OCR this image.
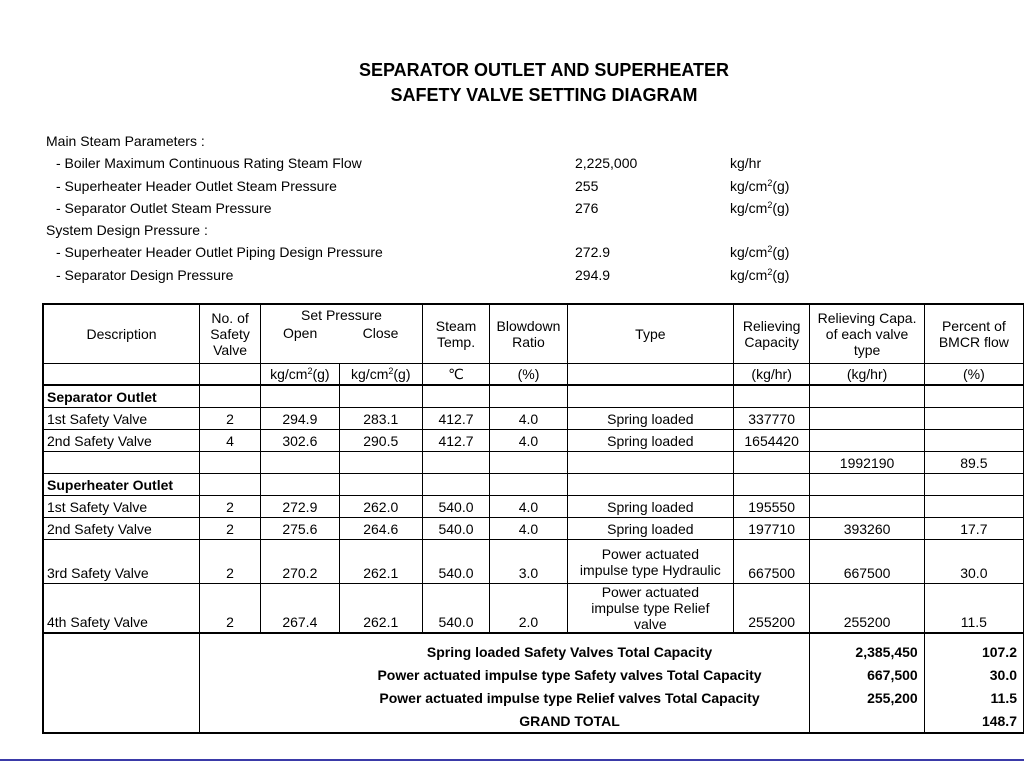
SEPARATOR OUTLET AND SUPERHEATER
SAFETY VALVE SETTING DIAGRAM
Main Steam Parameters :
- Boiler Maximum Continuous Rating Steam Flow	2,225,000	kg/hr
- Superheater Header Outlet Steam Pressure	255	$kg/cm^2(g)$
- Separator Outlet Steam Pressure	276	$kg/cm^2(g)$
System Design Pressure :
- Superheater Header Outlet Piping Design Pressure	272.9	$kg/cm^2(g)$
- Separator Design Pressure	294.9	$kg/cm^2(g)$
Description	No. of Safety Valve	Set Pressure		Steam Temp.	Blowdown Ratio	Type	Relieving Capacity	Relieving Capa. of each valve type	Percent of BMCR flow
		Open	Close						
		$kg/cm^2(g)$	$kg/cm^2(g)$	℃	(%)		(kg/hr)	(kg/hr)	(%)
Separator Outlet									
1st Safety Valve	2	294.9	283.1	412.7	4.0	Spring loaded	337770		
2nd Safety Valve	4	302.6	290.5	412.7	4.0	Spring loaded	1654420		
								1992190	89.5
Superheater Outlet									
1st Safety Valve	2	272.9	262.0	540.0	4.0	Spring loaded	195550		
2nd Safety Valve	2	275.6	264.6	540.0	4.0	Spring loaded	197710	393260	17.7
3rd Safety Valve	2	270.2	262.1	540.0	3.0	Power actuated impulse type Hydraulic	667500	667500	30.0
4th Safety Valve	2	267.4	262.1	540.0	2.0	Power actuated impulse type Relief valve	255200	255200	11.5
		Spring loaded Safety Valves Total Capacity						2,385,450	107.2
		Power actuated impulse type Safety valves Total Capacity						667,500	30.0
		Power actuated impulse type Relief valves Total Capacity						255,200	11.5
		GRAND TOTAL							148.7
